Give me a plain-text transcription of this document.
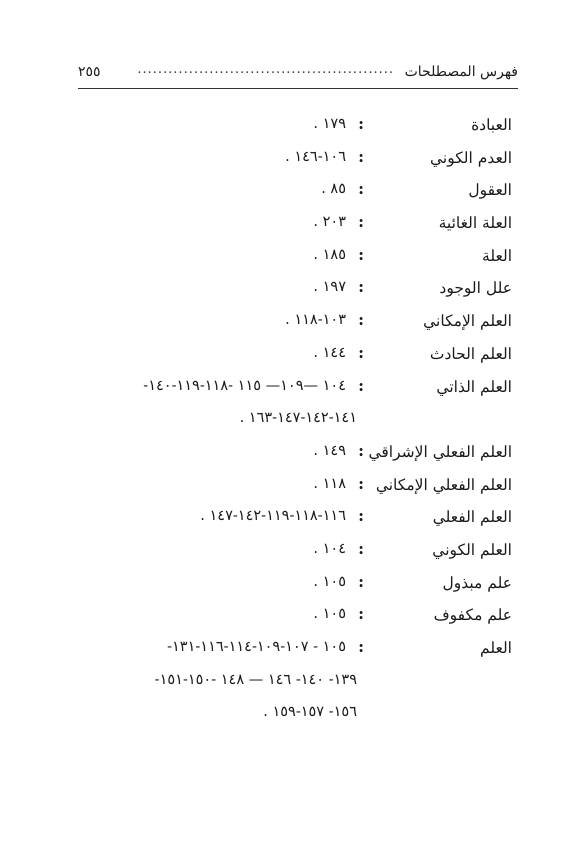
فهرس المصطلحات
..................................................
٢٥٥
العبادة
:
١٧٩ .
العدم الكوني
:
١٠٦-١٤٦ .
العقول
:
٨٥ .
العلة الغائية
:
٢٠٣ .
العلة
:
١٨٥ .
علل الوجود
:
١٩٧ .
العلم الإمكاني
:
١٠٣-١١٨ .
العلم الحادث
:
١٤٤ .
العلم الذاتي
:
١٠٤ —١٠٩— ١١٥ -١١٨-١١٩-١٤٠-
١٤١-١٤٢-١٤٧-١٦٣ .
العلم الفعلي الإشراقي
:
١٤٩ .
العلم الفعلي الإمكاني
:
١١٨ .
العلم الفعلي
:
١١٦-١١٨-١١٩-١٤٢-١٤٧ .
العلم الكوني
:
١٠٤ .
علم مبذول
:
١٠٥ .
علم مكفوف
:
١٠٥ .
العلم
:
١٠٥ - ١٠٧-١٠٩-١١٤-١١٦-١٣١-
١٣٩- ١٤٠- ١٤٦ — ١٤٨ -١٥٠-١٥١-
١٥٦- ١٥٧-١٥٩ .
